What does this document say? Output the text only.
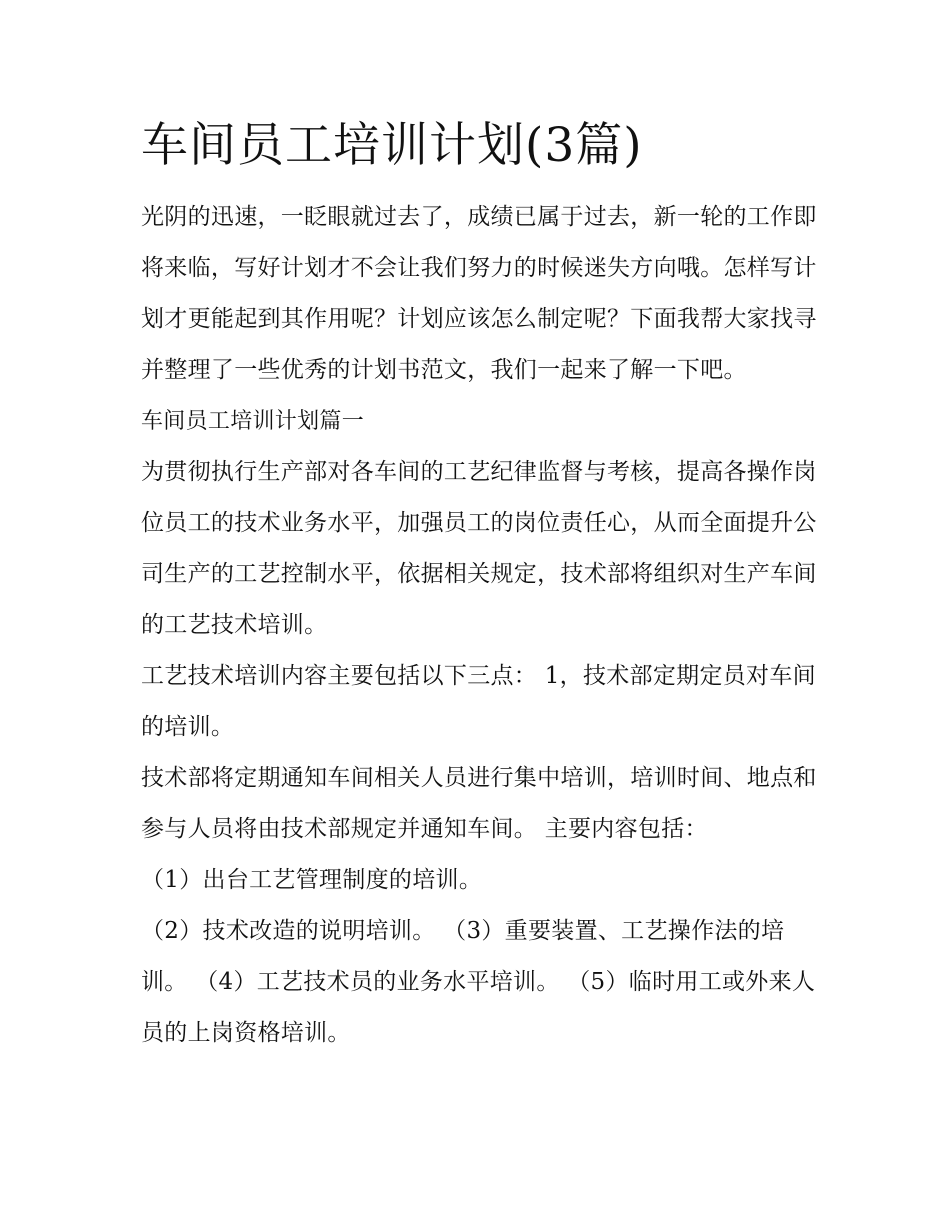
车间员工培训计划(3篇)

光阴的迅速，一眨眼就过去了，成绩已属于过去，新一轮的工作即将来临，写好计划才不会让我们努力的时候迷失方向哦。怎样写计划才更能起到其作用呢？计划应该怎么制定呢？下面我帮大家找寻并整理了一些优秀的计划书范文，我们一起来了解一下吧。

车间员工培训计划篇一

为贯彻执行生产部对各车间的工艺纪律监督与考核，提高各操作岗位员工的技术业务水平，加强员工的岗位责任心，从而全面提升公司生产的工艺控制水平，依据相关规定，技术部将组织对生产车间的工艺技术培训。

工艺技术培训内容主要包括以下三点： 1，技术部定期定员对车间的培训。

技术部将定期通知车间相关人员进行集中培训，培训时间、地点和参与人员将由技术部规定并通知车间。 主要内容包括：

（1）出台工艺管理制度的培训。

（2）技术改造的说明培训。 （3）重要装置、工艺操作法的培训。 （4）工艺技术员的业务水平培训。 （5）临时用工或外来人员的上岗资格培训。
